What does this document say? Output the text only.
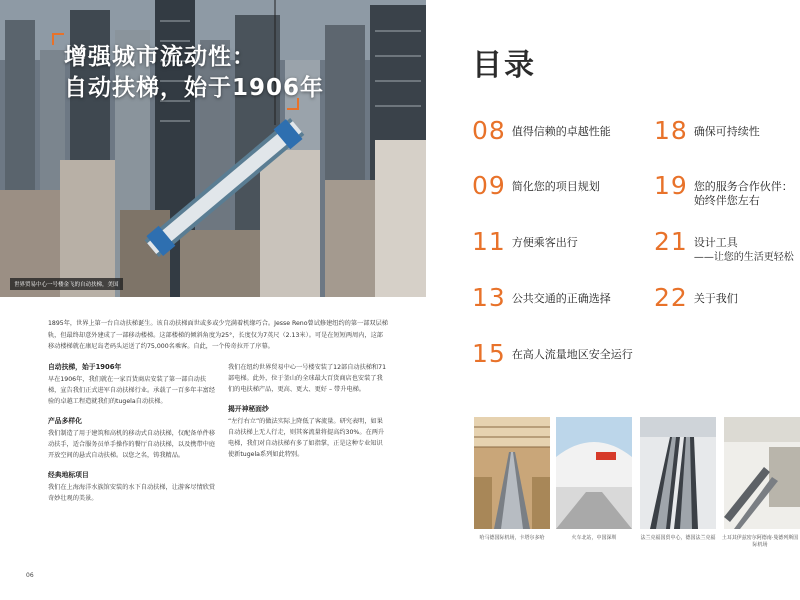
增强城市流动性：
自动扶梯，始于1906年
世界贸易中心一号楼金飞的自动扶梯，美国
1895年，世界上第一台自动扶梯诞生。该自动扶梯面世或多或少完满着机缘巧合。Jesse Reno曾试修建纽约的第一部双层梯轨，但最终却意外建成了一部移动楼梯。这部楼梯的倾斜角度为25°，长度仅为7英尺（2.13米）。可是在短短两周内，这部移动楼梯就在康尼岛老码头运送了约75,000名乘客。自此，一个传奇拉开了序幕。
自动扶梯，始于1906年

早在1906年，我们就在一家百货商店安装了第一部自动扶梯，宣告我们正式进军自动扶梯行业。承载了一百多年丰富经验的卓越工程造就我们的tugela自动扶梯。

产品多样化

我们制造了用于建筑和高机的移动式自动扶梯，仅配备单件移动扶手，适合服务员单手操作的餐厅自动扶梯，以及携带中庭开放空间的悬式自动扶梯。以您之名，铸我精品。

经典地标项目

我们在上海海洋水族馆安装的水下自动扶梯，让游客尽情欣赏奇妙壮观的美景。

我们在纽约世界贸易中心一号楼安装了12部自动扶梯和71部电梯。此外，位于釜山的全球最大百货商店也安装了我们的电扶梯产品，更高、更大、更好 – 带升电梯。

揭开神秘面纱

“左行右立”的做法实际上降低了客流量。研究表明，如果自动扶梯上无人行走，则其客流量将提高约30%。在两升电梯，我们对自动扶梯有多了如指掌，正是这种专业知识使新tugela系列如此特别。

06
目录
08 值得信赖的卓越性能
09 简化您的项目规划
11 方便乘客出行
13 公共交通的正确选择
15 在高人流量地区安全运行
18 确保可持续性
19 您的服务合作伙伴：
始终伴您左右
21 设计工具
——让您的生活更轻松
22 关于我们
哈马德国际机场，卡塔尔多哈	火车北站，中国深圳	法兰克福国贸中心，德国法兰克福	土耳其伊兹密尔阿德南·曼德列斯国际机场
